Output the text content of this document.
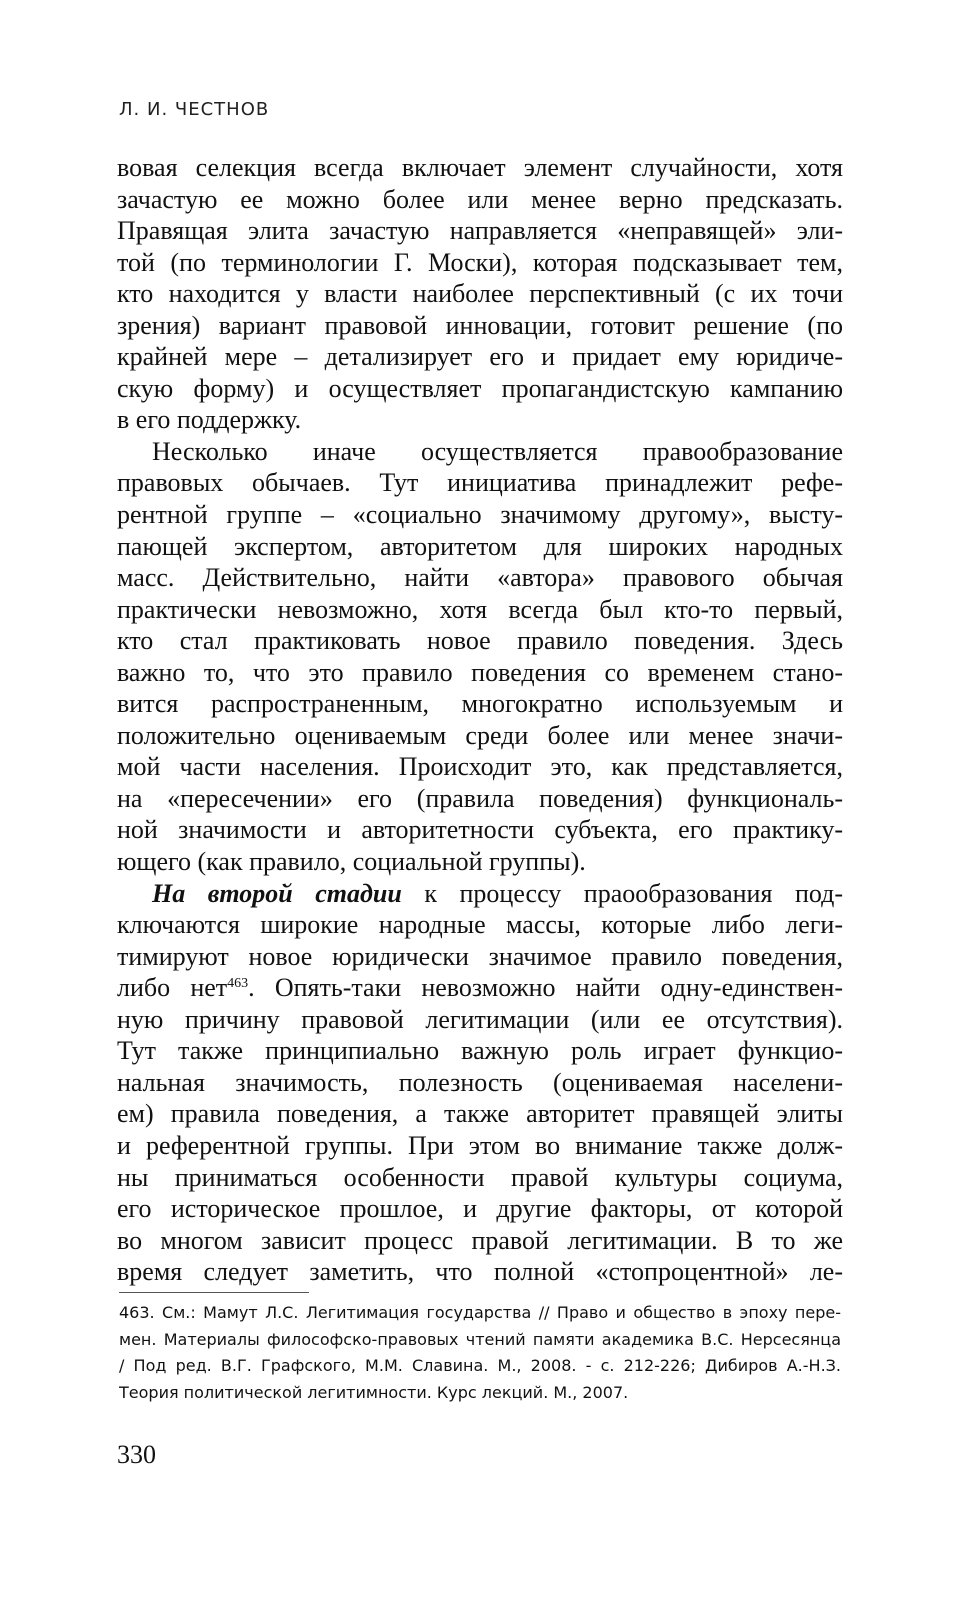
Л. И. ЧЕСТНОВ
вовая селекция всегда включает элемент случайности, хотя
зачастую ее можно более или менее верно предсказать.
Правящая элита зачастую направляется «неправящей» эли-
той (по терминологии Г. Моски), которая подсказывает тем,
кто находится у власти наиболее перспективный (с их точи
зрения) вариант правовой инновации, готовит решение (по
крайней мере – детализирует его и придает ему юридиче-
скую форму) и осуществляет пропагандистскую кампанию
в его поддержку.
Несколько иначе осуществляется правообразование
правовых обычаев. Тут инициатива принадлежит рефе-
рентной группе – «социально значимому другому», высту-
пающей экспертом, авторитетом для широких народных
масс. Действительно, найти «автора» правового обычая
практически невозможно, хотя всегда был кто-то первый,
кто стал практиковать новое правило поведения. Здесь
важно то, что это правило поведения со временем стано-
вится распространенным, многократно используемым и
положительно оцениваемым среди более или менее значи-
мой части населения. Происходит это, как представляется,
на «пересечении» его (правила поведения) функциональ-
ной значимости и авторитетности субъекта, его практику-
ющего (как правило, социальной группы).
На второй стадии к процессу праообразования под-
ключаются широкие народные массы, которые либо леги-
тимируют новое юридически значимое правило поведения,
либо нет$^{463}$. Опять-таки невозможно найти одну-единствен-
ную причину правовой легитимации (или ее отсутствия).
Тут также принципиально важную роль играет функцио-
нальная значимость, полезность (оцениваемая населени-
ем) правила поведения, а также авторитет правящей элиты
и референтной группы. При этом во внимание также долж-
ны приниматься особенности правой культуры социума,
его историческое прошлое, и другие факторы, от которой
во многом зависит процесс правой легитимации. В то же
время следует заметить, что полной «стопроцентной» ле-
463. См.: Мамут Л.С. Легитимация государства // Право и общество в эпоху пере-
мен. Материалы философско-правовых чтений памяти академика В.С. Нерсесянца
/ Под ред. В.Г. Графского, М.М. Славина. М., 2008. - с. 212-226; Дибиров А.-Н.З.
Теория политической легитимности. Курс лекций. М., 2007.
330
